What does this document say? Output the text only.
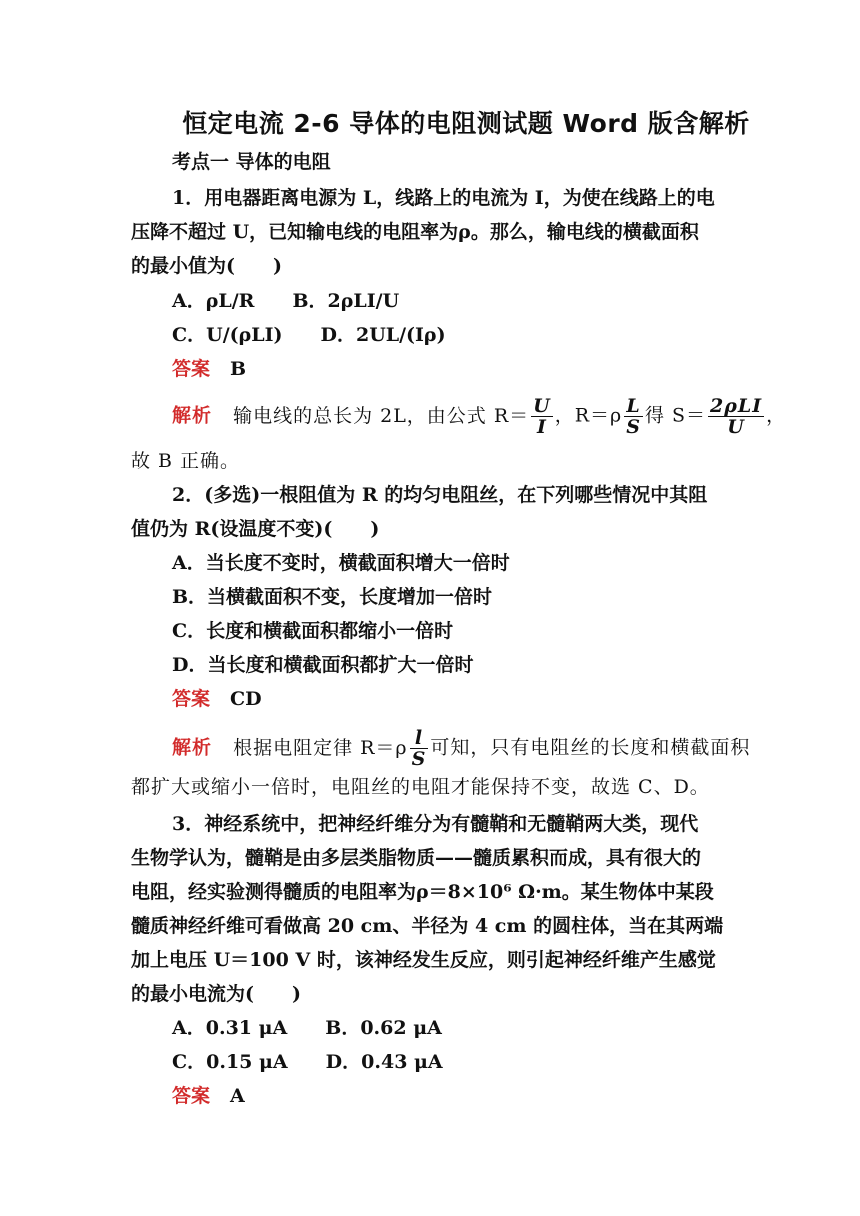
恒定电流 2-6 导体的电阻测试题 Word 版含解析
考点一 导体的电阻
1．用电器距离电源为 L，线路上的电流为 I，为使在线路上的电
压降不超过 U，已知输电线的电阻率为ρ。那么，输电线的横截面积
的最小值为(　　)
A．ρL/R　　B．2ρLI/U
C．U/(ρLI)　　D．2UL/(Iρ)
答案 B
解析 输电线的总长为 2L，由公式 $R= \frac{U}{I}$ ，$R=\rho \frac{L}{S}$ 得 $S= \frac{\text{2ρLI}}{U}$ ，
故 B 正确。
2．(多选)一根阻值为 R 的均匀电阻丝，在下列哪些情况中其阻
值仍为 R(设温度不变)(　　)
A．当长度不变时，横截面积增大一倍时
B．当横截面积不变，长度增加一倍时
C．长度和横截面积都缩小一倍时
D．当长度和横截面积都扩大一倍时
答案 CD
解析 根据电阻定律 $R=\rho \frac{l}{S}$ 可知，只有电阻丝的长度和横截面积
都扩大或缩小一倍时，电阻丝的电阻才能保持不变，故选 C、D。
3．神经系统中，把神经纤维分为有髓鞘和无髓鞘两大类，现代
生物学认为，髓鞘是由多层类脂物质——髓质累积而成，具有很大的
电阻，经实验测得髓质的电阻率为ρ＝8×10⁶ Ω·m。某生物体中某段
髓质神经纤维可看做高 20 cm、半径为 4 cm 的圆柱体，当在其两端
加上电压 U＝100 V 时，该神经发生反应，则引起神经纤维产生感觉
的最小电流为(　　)
A．0.31 μA　　B．0.62 μA
C．0.15 μA　　D．0.43 μA
答案 A
